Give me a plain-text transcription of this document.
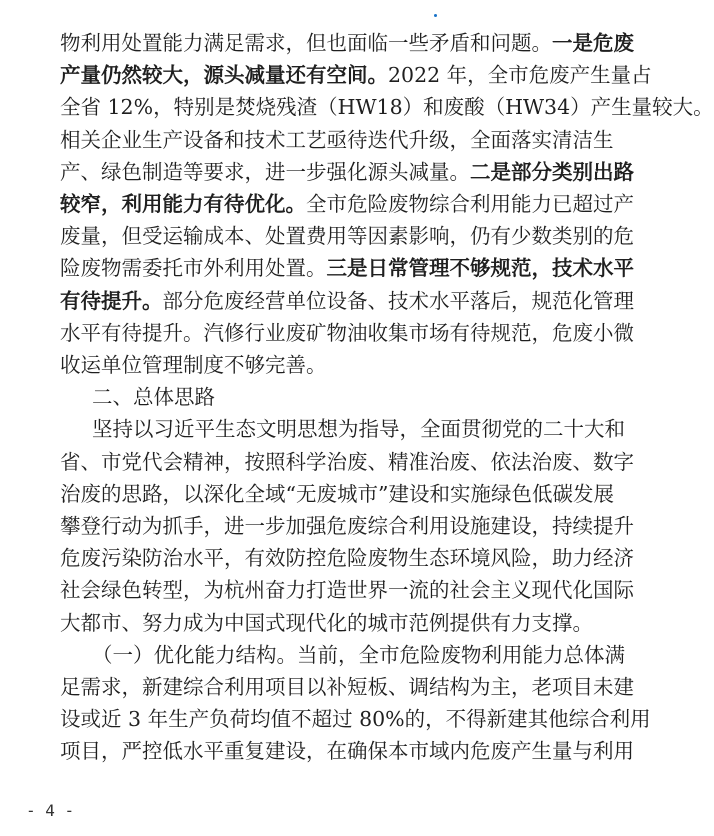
物利用处置能力满足需求，但也面临一些矛盾和问题。一是危废
产量仍然较大，源头减量还有空间。2022 年，全市危废产生量占
全省 12%，特别是焚烧残渣（HW18）和废酸（HW34）产生量较大。
相关企业生产设备和技术工艺亟待迭代升级，全面落实清洁生
产、绿色制造等要求，进一步强化源头减量。二是部分类别出路
较窄，利用能力有待优化。全市危险废物综合利用能力已超过产
废量，但受运输成本、处置费用等因素影响，仍有少数类别的危
险废物需委托市外利用处置。三是日常管理不够规范，技术水平
有待提升。部分危废经营单位设备、技术水平落后，规范化管理
水平有待提升。汽修行业废矿物油收集市场有待规范，危废小微
收运单位管理制度不够完善。
二、总体思路
坚持以习近平生态文明思想为指导，全面贯彻党的二十大和
省、市党代会精神，按照科学治废、精准治废、依法治废、数字
治废的思路，以深化全域“无废城市”建设和实施绿色低碳发展
攀登行动为抓手，进一步加强危废综合利用设施建设，持续提升
危废污染防治水平，有效防控危险废物生态环境风险，助力经济
社会绿色转型，为杭州奋力打造世界一流的社会主义现代化国际
大都市、努力成为中国式现代化的城市范例提供有力支撑。
（一）优化能力结构。当前，全市危险废物利用能力总体满
足需求，新建综合利用项目以补短板、调结构为主，老项目未建
设或近 3 年生产负荷均值不超过 80%的，不得新建其他综合利用
项目，严控低水平重复建设，在确保本市域内危废产生量与利用
- 4 -
